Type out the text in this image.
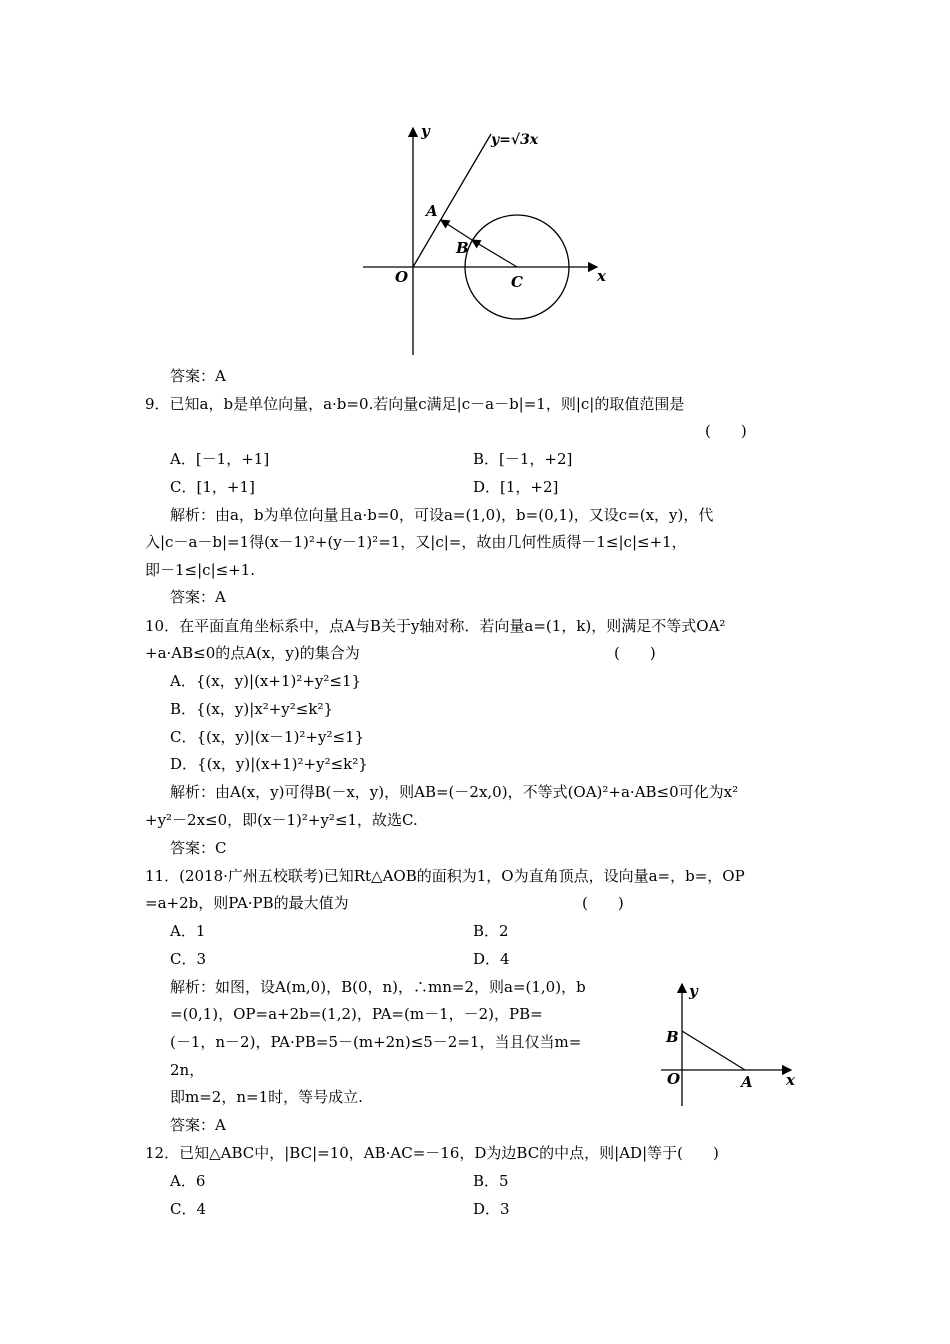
y
x
O
y=√3x
A
B
C
答案：A
9．已知a，b是单位向量，a·b=0.若向量c满足|c－a－b|=1，则|c|的取值范围是
(　　)
A．[－1，+1]	B．[－1，+2]
C．[1，+1]	D．[1，+2]
解析：由a，b为单位向量且a·b=0，可设a=(1,0)，b=(0,1)，又设c=(x，y)，代
入|c－a－b|=1得(x－1)²+(y－1)²=1，又|c|=，故由几何性质得－1≤|c|≤+1，
即－1≤|c|≤+1.
答案：A
10．在平面直角坐标系中，点A与B关于y轴对称．若向量a=(1，k)，则满足不等式OA²
+a·AB≤0的点A(x，y)的集合为	(　　)
A．{(x，y)|(x+1)²+y²≤1}
B．{(x，y)|x²+y²≤k²}
C．{(x，y)|(x－1)²+y²≤1}
D．{(x，y)|(x+1)²+y²≤k²}
解析：由A(x，y)可得B(－x，y)，则AB=(－2x,0)，不等式(OA)²+a·AB≤0可化为x²
+y²－2x≤0，即(x－1)²+y²≤1，故选C.
答案：C
11．(2018·广州五校联考)已知Rt△AOB的面积为1，O为直角顶点，设向量a=，b=，OP
=a+2b，则PA·PB的最大值为	(　　)
A．1	B．2
C．3	D．4
解析：如图，设A(m,0)，B(0，n)，∴mn=2，则a=(1,0)，b
=(0,1)，OP=a+2b=(1,2)，PA=(m－1，－2)，PB=
(－1，n－2)，PA·PB=5－(m+2n)≤5－2=1，当且仅当m=
2n，
即m=2，n=1时，等号成立.
答案：A
12．已知△ABC中，|BC|=10，AB·AC=－16，D为边BC的中点，则|AD|等于(　　)
A．6	B．5
C．4	D．3
y
x
O
B
A
